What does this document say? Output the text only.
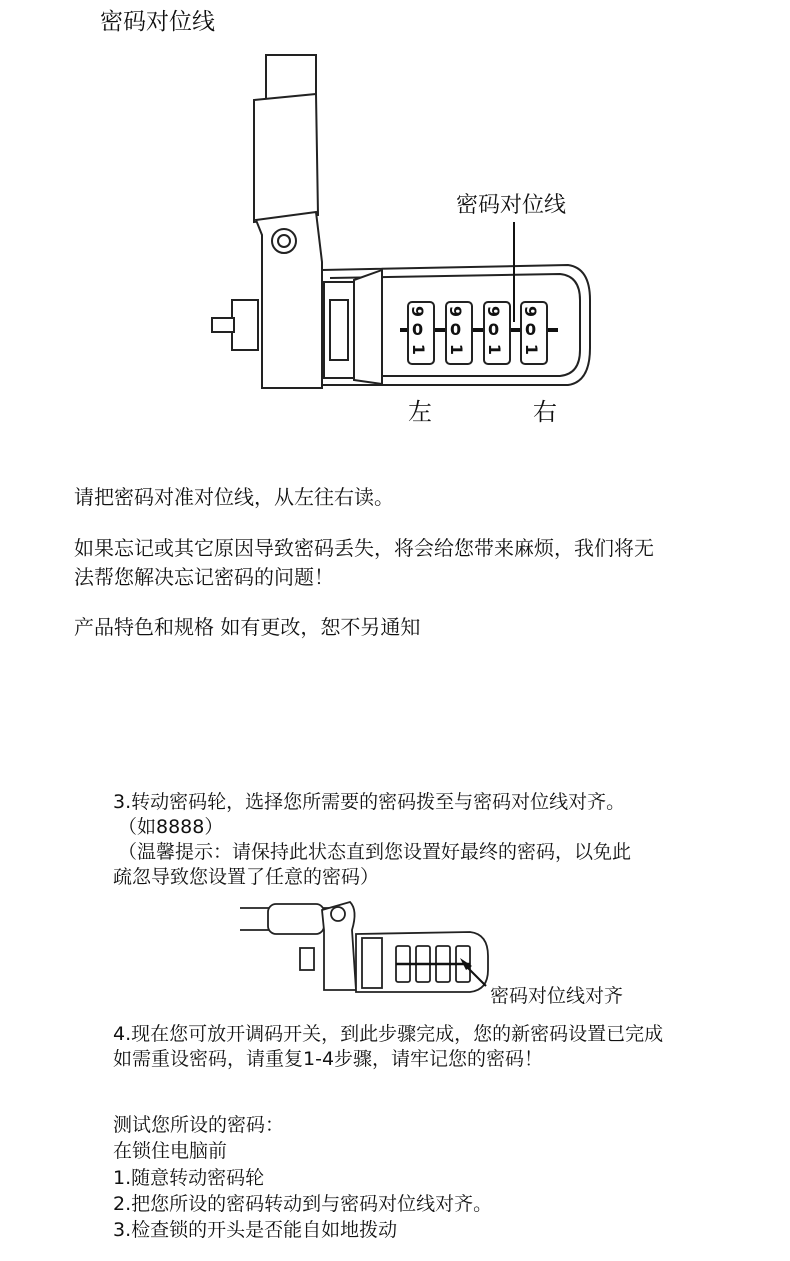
密码对位线
9 9 9 9
0 0 0 0
1 1 1 1
密码对位线
左	右
请把密码对准对位线，从左往右读。
如果忘记或其它原因导致密码丢失，将会给您带来麻烦，我们将无
法帮您解决忘记密码的问题！
产品特色和规格 如有更改，恕不另通知
3.转动密码轮，选择您所需要的密码拨至与密码对位线对齐。
（如8888）
（温馨提示：请保持此状态直到您设置好最终的密码，以免此
疏忽导致您设置了任意的密码）
密码对位线对齐
4.现在您可放开调码开关，到此步骤完成，您的新密码设置已完成
如需重设密码，请重复1-4步骤，请牢记您的密码！
测试您所设的密码：
在锁住电脑前
1.随意转动密码轮
2.把您所设的密码转动到与密码对位线对齐。
3.检查锁的开头是否能自如地拨动
